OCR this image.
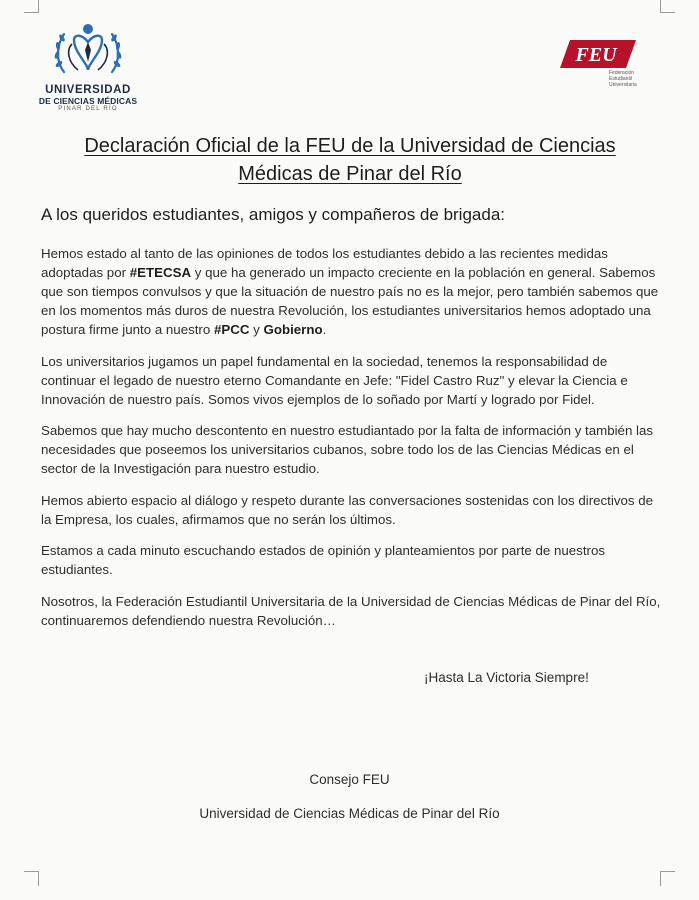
UNIVERSIDAD
DE CIENCIAS MÉDICAS
PINAR DEL RÍO
FEU
Federación Estudiantil Universitaria
Declaración Oficial de la FEU de la Universidad de Ciencias Médicas de Pinar del Río
A los queridos estudiantes, amigos y compañeros de brigada:

Hemos estado al tanto de las opiniones de todos los estudiantes debido a las recientes medidas adoptadas por #ETECSA y que ha generado un impacto creciente en la población en general. Sabemos que son tiempos convulsos y que la situación de nuestro país no es la mejor, pero también sabemos que en los momentos más duros de nuestra Revolución, los estudiantes universitarios hemos adoptado una postura firme junto a nuestro #PCC y Gobierno.

Los universitarios jugamos un papel fundamental en la sociedad, tenemos la responsabilidad de continuar el legado de nuestro eterno Comandante en Jefe: "Fidel Castro Ruz" y elevar la Ciencia e Innovación de nuestro país. Somos vivos ejemplos de lo soñado por Martí y logrado por Fidel.

Sabemos que hay mucho descontento en nuestro estudiantado por la falta de información y también las necesidades que poseemos los universitarios cubanos, sobre todo los de las Ciencias Médicas en el sector de la Investigación para nuestro estudio.

Hemos abierto espacio al diálogo y respeto durante las conversaciones sostenidas con los directivos de la Empresa, los cuales, afirmamos que no serán los últimos.

Estamos a cada minuto escuchando estados de opinión y planteamientos por parte de nuestros estudiantes.

Nosotros, la Federación Estudiantil Universitaria de la Universidad de Ciencias Médicas de Pinar del Río, continuaremos defendiendo nuestra Revolución…

¡Hasta La Victoria Siempre!
Consejo FEU
Universidad de Ciencias Médicas de Pinar del Río
